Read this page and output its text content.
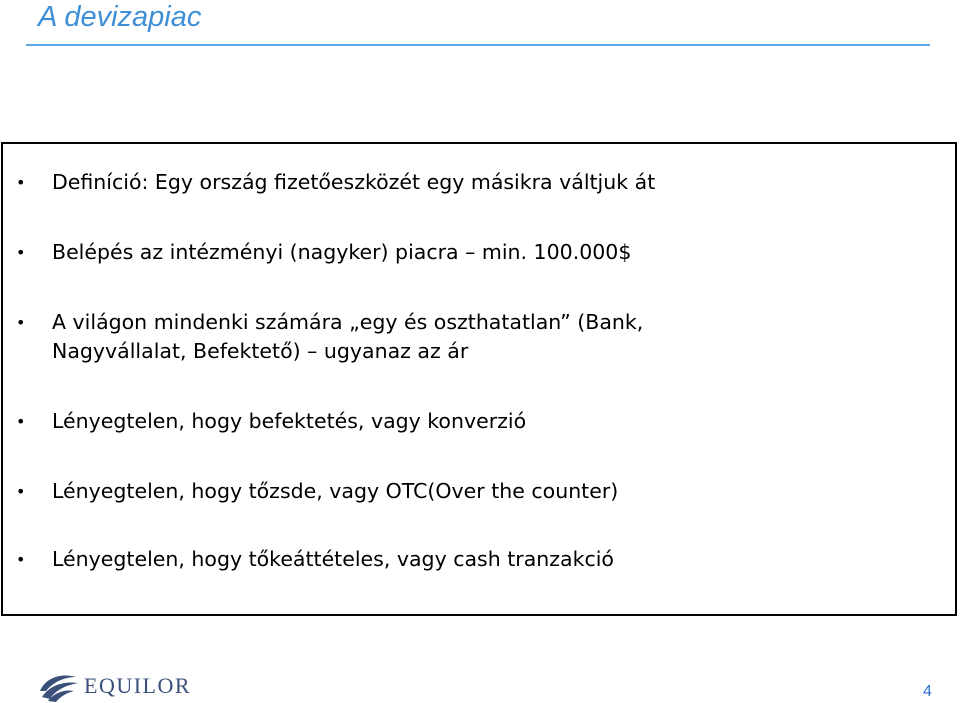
A devizapiac
• Definíció: Egy ország fizetőeszközét egy másikra váltjuk át
• Belépés az intézményi (nagyker) piacra – min. 100.000$
• A világon mindenki számára „egy és oszthatatlan” (Bank,
Nagyvállalat, Befektető) – ugyanaz az ár
• Lényegtelen, hogy befektetés, vagy konverzió
• Lényegtelen, hogy tőzsde, vagy OTC(Over the counter)
• Lényegtelen, hogy tőkeáttételes, vagy cash tranzakció
EQUILOR	4
